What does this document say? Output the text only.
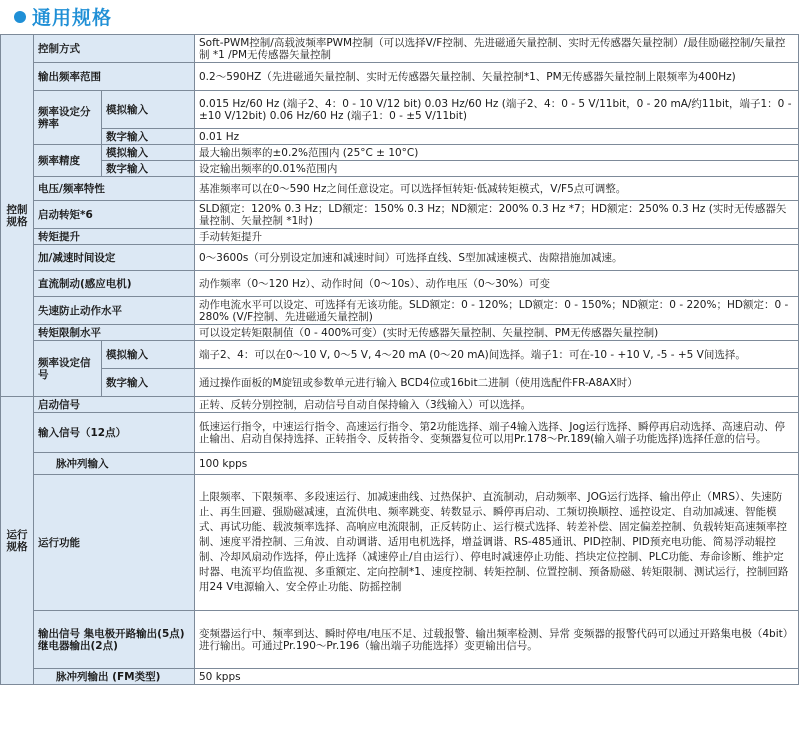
通用规格
控制规格	控制方式		Soft-PWM控制/高载波频率PWM控制（可以选择V/F控制、先进磁通矢量控制、实时无传感器矢量控制）/最佳励磁控制/矢量控制 *1 /PM无传感器矢量控制
	输出频率范围		0.2～590HZ（先进磁通矢量控制、实时无传感器矢量控制、矢量控制*1、PM无传感器矢量控制上限频率为400Hz)
	频率设定分辨率	模拟输入	0.015 Hz/60 Hz (端子2、4：0 - 10 V/12 bit) 0.03 Hz/60 Hz (端子2、4：0 - 5 V/11bit，0 - 20 mA/约11bit，端子1：0 - ±10 V/12bit) 0.06 Hz/60 Hz (端子1：0 - ±5 V/11bit)
		数字输入	0.01 Hz
	频率精度	模拟输入	最大输出频率的±0.2%范围内 (25°C ± 10°C)
		数字输入	设定输出频率的0.01%范围内
	电压/频率特性		基准频率可以在0～590 Hz之间任意设定。可以选择恒转矩·低减转矩模式，V/F5点可调整。
	启动转矩*6		SLD额定：120% 0.3 Hz；LD额定：150% 0.3 Hz；ND额定：200% 0.3 Hz *7；HD额定：250% 0.3 Hz (实时无传感器矢量控制、矢量控制 *1时)
	转矩提升		手动转矩提升
	加/减速时间设定		0～3600s（可分别设定加速和减速时间）可选择直线、S型加减速模式、齿隙措施加减速。
	直流制动(感应电机)		动作频率（0～120 Hz）、动作时间（0～10s）、动作电压（0～30%）可变
	失速防止动作水平		动作电流水平可以设定、可选择有无该功能。SLD额定：0 - 120%；LD额定：0 - 150%；ND额定：0 - 220%；HD额定：0 - 280% (V/F控制、先进磁通矢量控制)
	转矩限制水平		可以设定转矩限制值（0 - 400%可变）(实时无传感器矢量控制、矢量控制、PM无传感器矢量控制)
	频率设定信号	模拟输入	端子2、4：可以在0～10 V, 0～5 V, 4～20 mA (0～20 mA)间选择。端子1：可在-10 - +10 V, -5 - +5 V间选择。
		数字输入	通过操作面板的M旋钮或参数单元进行输入 BCD4位或16bit二进制（使用选配件FR-A8AX时）
运行规格	启动信号		正转、反转分别控制，启动信号自动自保持输入（3线输入）可以选择。
	输入信号（12点）		低速运行指令，中速运行指令、高速运行指令、第2功能选择、端子4输入选择、Jog运行选择、瞬停再启动选择、高速启动、停止输出、启动自保持选择、正转指令、反转指令、变频器复位可以用Pr.178～Pr.189(输入端子功能选择)选择任意的信号。
	脉冲列输入		100 kpps
	运行功能		上限频率、下限频率、多段速运行、加减速曲线、过热保护、直流制动，启动频率、JOG运行选择、输出停止（MRS）、失速防止、再生回避、强励磁减速，直流供电、频率跳变、转数显示、瞬停再启动、工频切换顺控、遥控设定、自动加减速、智能模式、再试功能、载波频率选择、高响应电流限制，正反转防止、运行模式选择、转差补偿、固定偏差控制、负载转矩高速频率控制、速度平滑控制、三角波、自动调谐、适用电机选择，增益调谐、RS-485通讯、PID控制、PID预充电功能、简易浮动辊控制、冷却风扇动作选择，停止选择（减速停止/自由运行）、停电时减速停止功能、挡块定位控制、PLC功能、寿命诊断、维护定时器、电流平均值监视、多重额定、定向控制*1、速度控制、转矩控制、位置控制、预备励磁、转矩限制、测试运行，控制回路用24 V电源输入、安全停止功能、防摇控制
	输出信号 集电极开路输出(5点) 继电器输出(2点)		变频器运行中、频率到达、瞬时停电/电压不足、过载报警、输出频率检测、异常 变频器的报警代码可以通过开路集电极（4bit）进行输出。可通过Pr.190～Pr.196（输出端子功能选择）变更输出信号。
	脉冲列输出 (FM类型)		50 kpps
